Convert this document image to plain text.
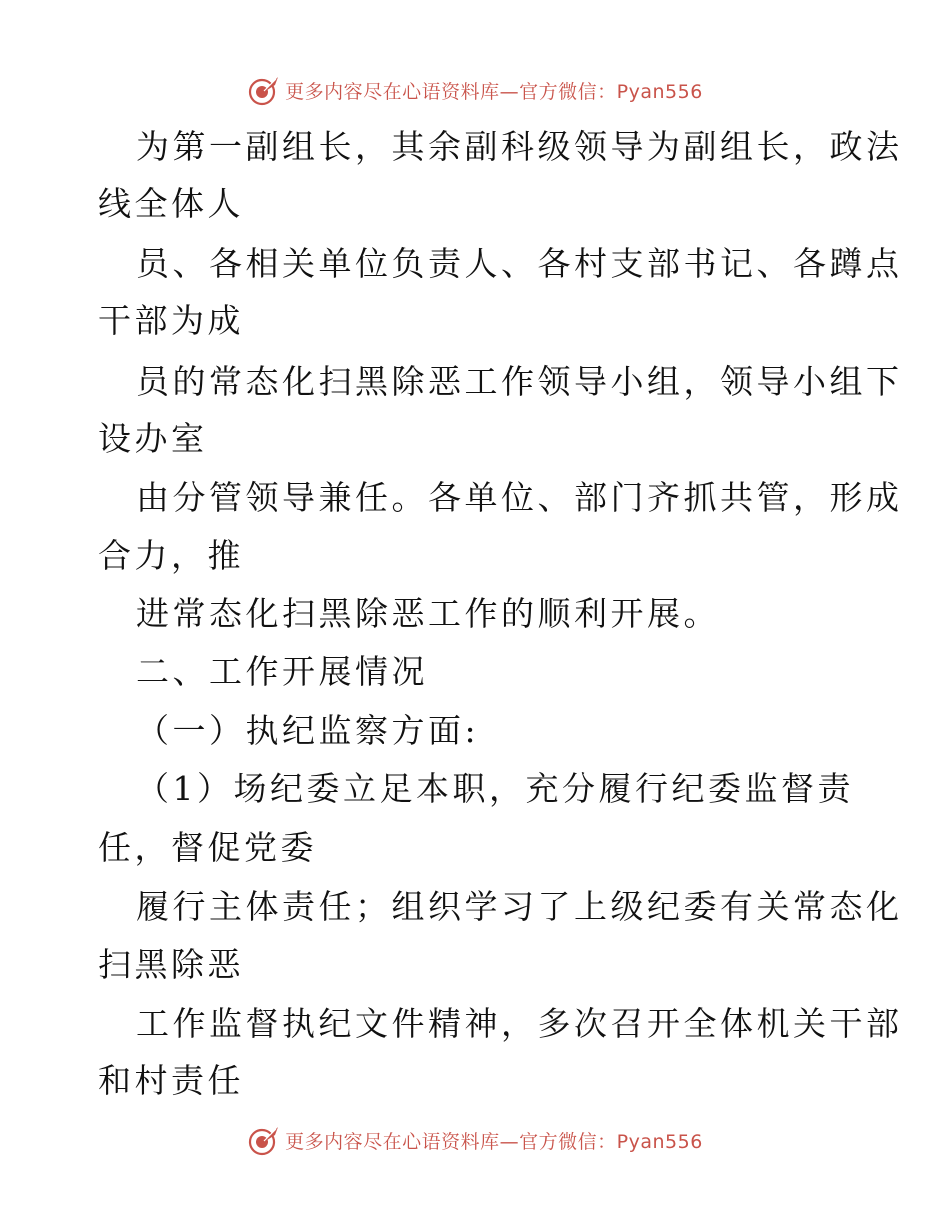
更多内容尽在心语资料库—官方微信：Pyan556
为第一副组长，其余副科级领导为副组长，政法
线全体人
员、各相关单位负责人、各村支部书记、各蹲点
干部为成
员的常态化扫黑除恶工作领导小组，领导小组下
设办室
由分管领导兼任。各单位、部门齐抓共管，形成
合力，推
进常态化扫黑除恶工作的顺利开展。
二、工作开展情况
（一）执纪监察方面:
（1）场纪委立足本职，充分履行纪委监督责
任，督促党委
履行主体责任；组织学习了上级纪委有关常态化
扫黑除恶
工作监督执纪文件精神，多次召开全体机关干部
和村责任
更多内容尽在心语资料库—官方微信：Pyan556
